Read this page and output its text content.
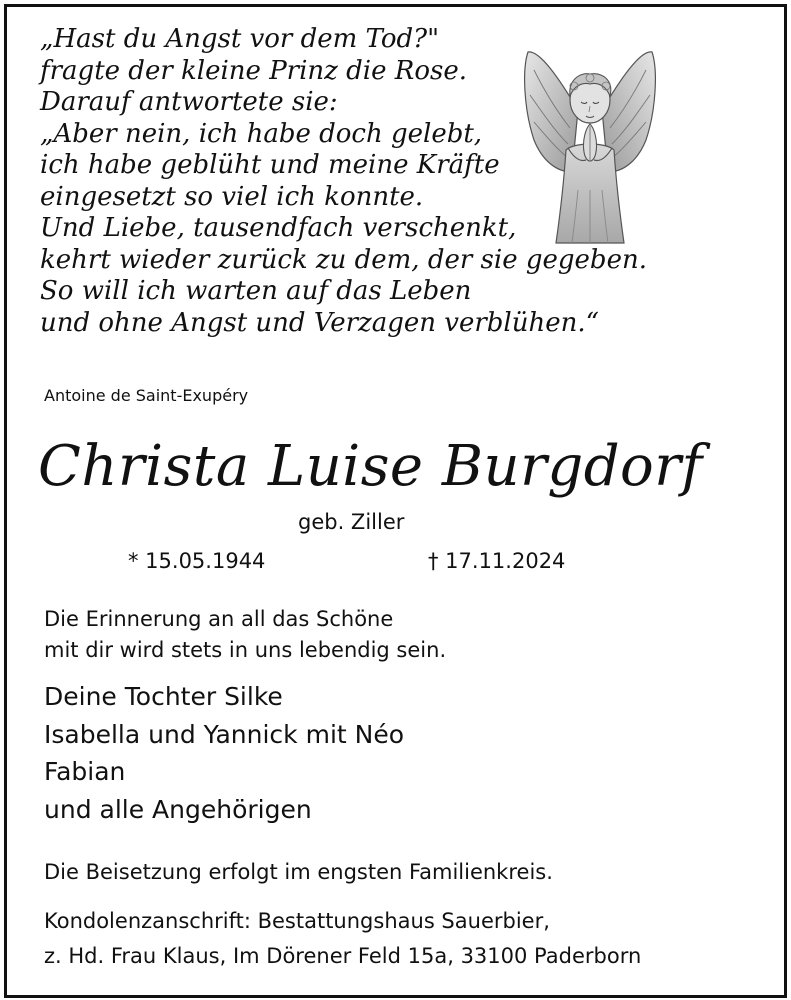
„Hast du Angst vor dem Tod?"
fragte der kleine Prinz die Rose.
Darauf antwortete sie:
„Aber nein, ich habe doch gelebt,
ich habe geblüht und meine Kräfte
eingesetzt so viel ich konnte.
Und Liebe, tausendfach verschenkt,
kehrt wieder zurück zu dem, der sie gegeben.
So will ich warten auf das Leben
und ohne Angst und Verzagen verblühen.“
Antoine de Saint-Exupéry
Christa Luise Burgdorf
geb. Ziller
* 15.05.1944	† 17.11.2024
Die Erinnerung an all das Schöne
mit dir wird stets in uns lebendig sein.
Deine Tochter Silke
Isabella und Yannick mit Néo
Fabian
und alle Angehörigen
Die Beisetzung erfolgt im engsten Familienkreis.
Kondolenzanschrift: Bestattungshaus Sauerbier,
z. Hd. Frau Klaus, Im Dörener Feld 15a, 33100 Paderborn
